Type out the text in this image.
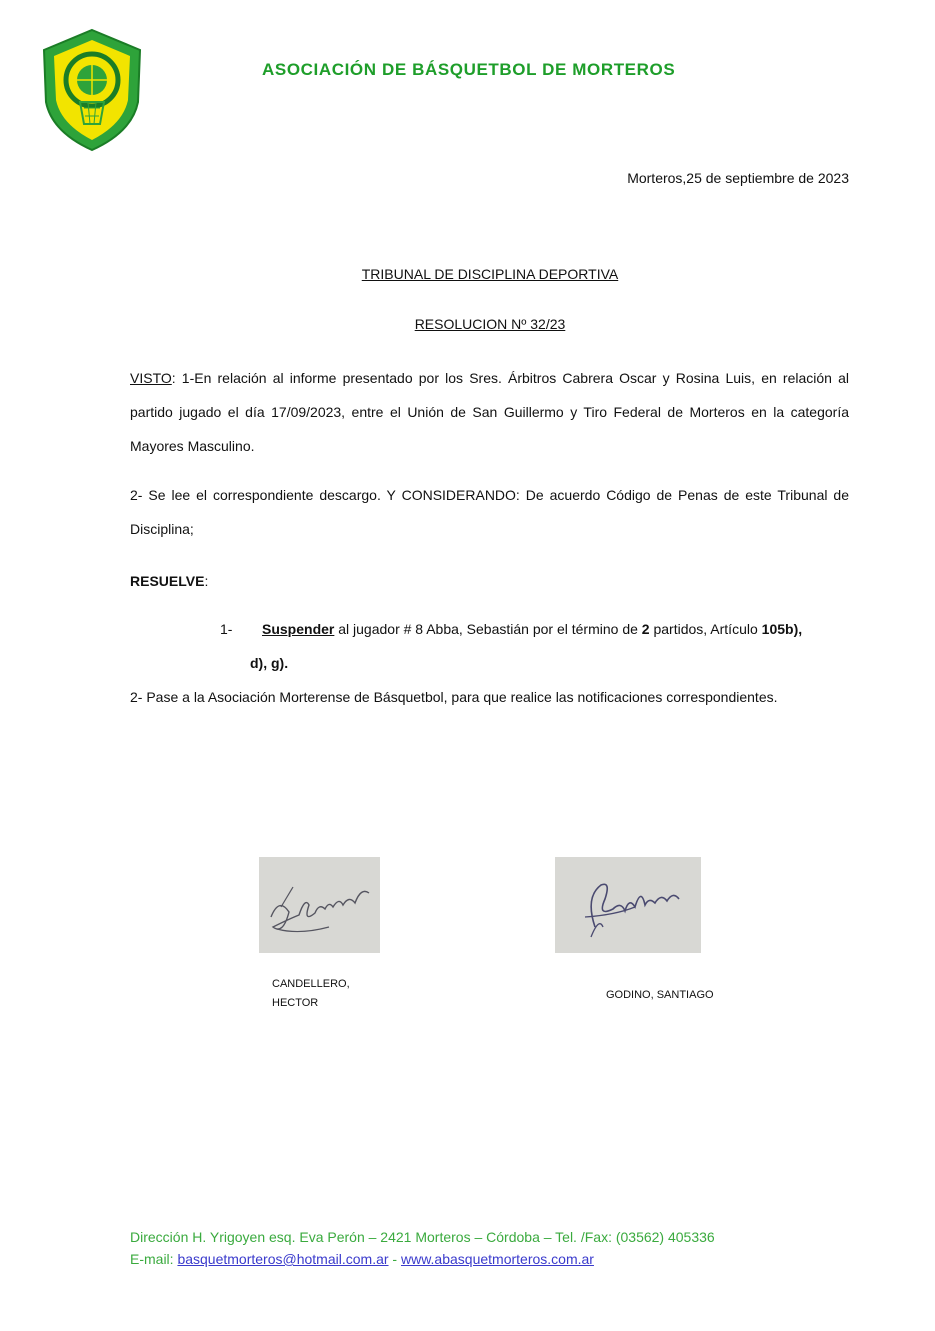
ASOCIACIÓN DE BÁSQUETBOL DE MORTEROS
Morteros,25 de septiembre de 2023
TRIBUNAL DE DISCIPLINA DEPORTIVA
RESOLUCION Nº 32/23
VISTO: 1-En relación al informe presentado por los Sres. Árbitros Cabrera Oscar y Rosina Luis, en relación al partido jugado el día 17/09/2023, entre el Unión de San Guillermo y Tiro Federal de Morteros en la categoría Mayores Masculino.
2- Se lee el correspondiente descargo. Y CONSIDERANDO: De acuerdo Código de Penas de este Tribunal de Disciplina;
RESUELVE:
1- Suspender al jugador # 8 Abba, Sebastián por el término de 2 partidos, Artículo 105b),
d), g).
2- Pase a la Asociación Morterense de Básquetbol, para que realice las notificaciones correspondientes.
CANDELLERO,
HECTOR
GODINO, SANTIAGO
Dirección H. Yrigoyen esq. Eva Perón – 2421 Morteros – Córdoba – Tel. /Fax: (03562) 405336
E-mail: basquetmorteros@hotmail.com.ar - www.abasquetmorteros.com.ar
